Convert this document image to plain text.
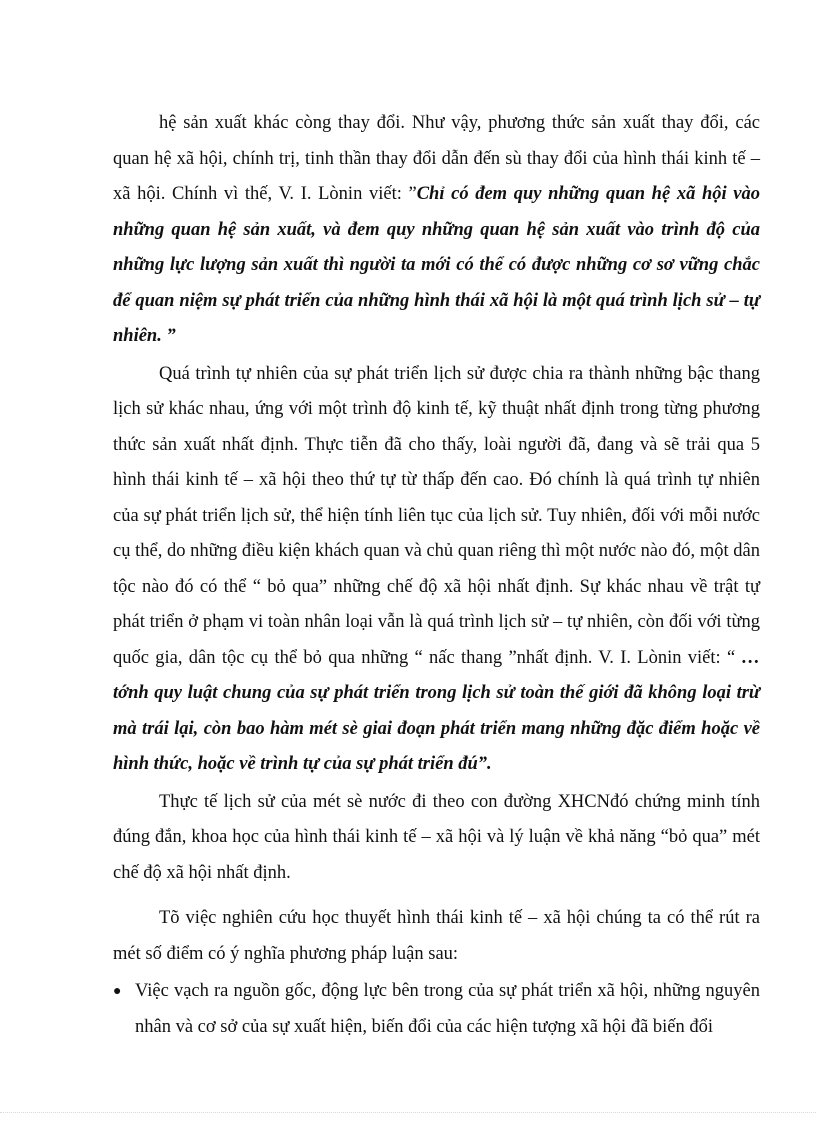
hệ sản xuất khác còng thay đổi. Như vậy, phương thức sản xuất thay đổi, các quan hệ xã hội, chính trị, tinh thần thay đổi dẫn đến sù thay đổi của hình thái kinh tế – xã hội. Chính vì thế, V. I. Lònin viết: ”Chỉ có đem quy những quan hệ xã hội vào những quan hệ sản xuất, và đem quy những quan hệ sản xuất vào trình độ của những lực lượng sản xuất thì người ta mới có thể có được những cơ sơ vững chắc để quan niệm sự phát triển của những hình thái xã hội là một quá trình lịch sử – tự nhiên. ”

Quá trình tự nhiên của sự phát triển lịch sử được chia ra thành những bậc thang lịch sử khác nhau, ứng với một trình độ kinh tế, kỹ thuật nhất định trong từng phương thức sản xuất nhất định. Thực tiễn đã cho thấy, loài người đã, đang và sẽ trải qua 5 hình thái kinh tế – xã hội theo thứ tự từ thấp đến cao. Đó chính là quá trình tự nhiên của sự phát triển lịch sử, thể hiện tính liên tục của lịch sử. Tuy nhiên, đối với mỗi nước cụ thể, do những điều kiện khách quan và chủ quan riêng thì một nước nào đó, một dân tộc nào đó có thể “ bỏ qua” những chế độ xã hội nhất định. Sự khác nhau về trật tự phát triển ở phạm vi toàn nhân loại vẫn là quá trình lịch sử – tự nhiên, còn đối với từng quốc gia, dân tộc cụ thể bỏ qua những “ nấc thang ”nhất định. V. I. Lònin viết: “ …tớnh quy luật chung của sự phát triển trong lịch sử toàn thế giới đã không loại trừ mà trái lại, còn bao hàm mét sè giai đoạn phát triển mang những đặc điểm hoặc về hình thức, hoặc về trình tự của sự phát triển đú”.

Thực tế lịch sử của mét sè nước đi theo con đường XHCNđó chứng minh tính đúng đắn, khoa học của hình thái kinh tế – xã hội và lý luận về khả năng “bỏ qua” mét chế độ xã hội nhất định.

Tõ việc nghiên cứu học thuyết hình thái kinh tế – xã hội chúng ta có thể rút ra mét số điểm có ý nghĩa phương pháp luận sau:

● Việc vạch ra nguồn gốc, động lực bên trong của sự phát triển xã hội, những nguyên nhân và cơ sở của sự xuất hiện, biến đổi của các hiện tượng xã hội đã biến đổi
